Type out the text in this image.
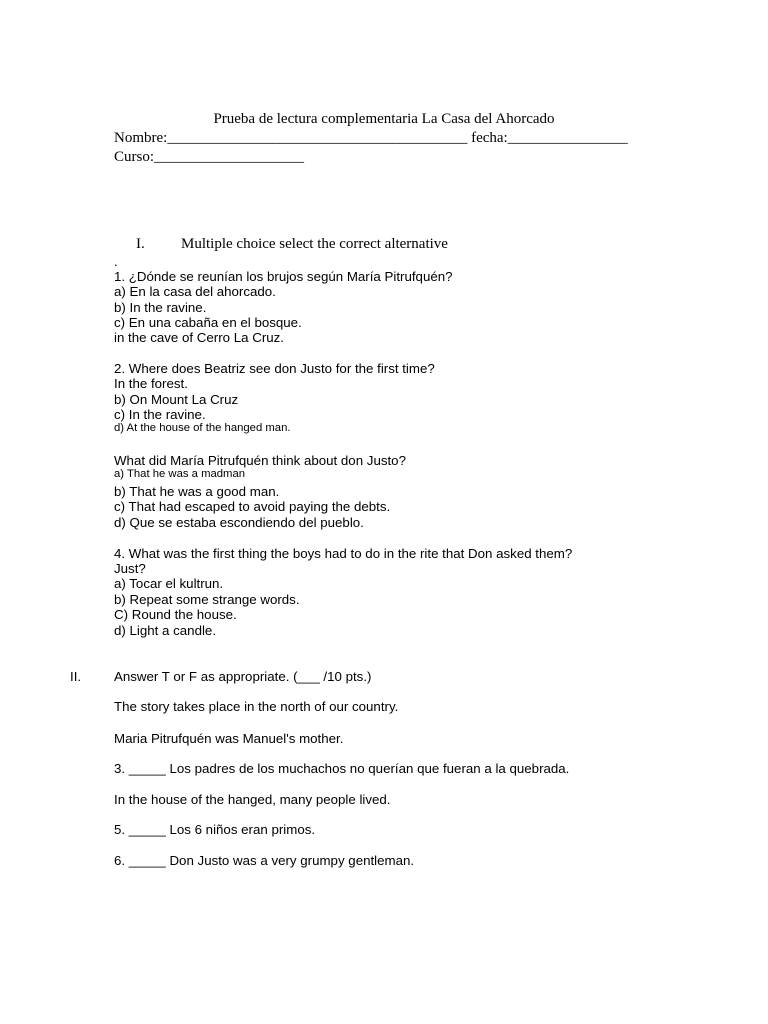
Prueba de lectura complementaria La Casa del Ahorcado
Nombre:________________________________________ fecha:________________
Curso:____________________
I. Multiple choice select the correct alternative
.
1. ¿Dónde se reunían los brujos según María Pitrufquén?
a) En la casa del ahorcado.
b) In the ravine.
c) En una cabaña en el bosque.
in the cave of Cerro La Cruz.
2. Where does Beatriz see don Justo for the first time?
In the forest.
b) On Mount La Cruz
c) In the ravine.
d) At the house of the hanged man.
What did María Pitrufquén think about don Justo?
a) That he was a madman
b) That he was a good man.
c) That had escaped to avoid paying the debts.
d) Que se estaba escondiendo del pueblo.
4. What was the first thing the boys had to do in the rite that Don asked them?
Just?
a) Tocar el kultrun.
b) Repeat some strange words.
C) Round the house.
d) Light a candle.
II. Answer T or F as appropriate. (___ /10 pts.)
The story takes place in the north of our country.
Maria Pitrufquén was Manuel's mother.
3. _____ Los padres de los muchachos no querían que fueran a la quebrada.
In the house of the hanged, many people lived.
5. _____ Los 6 niños eran primos.
6. _____ Don Justo was a very grumpy gentleman.
